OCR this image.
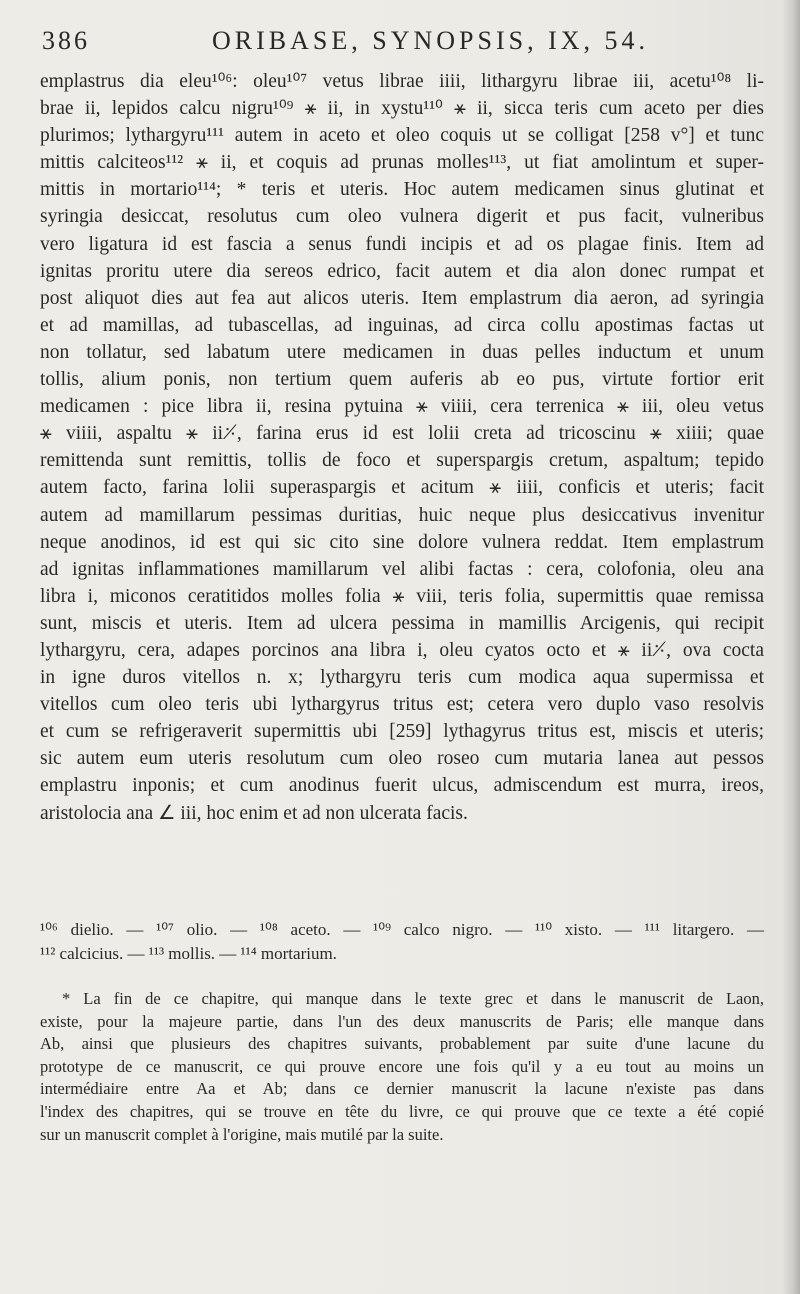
386	ORIBASE, SYNOPSIS, IX, 54.
emplastrus dia eleu¹⁰⁶: oleu¹⁰⁷ vetus librae iiii, lithargyru librae iii, acetu¹⁰⁸ li-
brae ii, lepidos calcu nigru¹⁰⁹ ⚹ ii, in xystu¹¹⁰ ⚹ ii, sicca teris cum aceto per dies
plurimos; lythargyru¹¹¹ autem in aceto et oleo coquis ut se colligat [258 v°] et tunc
mittis calciteos¹¹² ⚹ ii, et coquis ad prunas molles¹¹³, ut fiat amolintum et super-
mittis in mortario¹¹⁴; * teris et uteris. Hoc autem medicamen sinus glutinat et
syringia desiccat, resolutus cum oleo vulnera digerit et pus facit, vulneribus
vero ligatura id est fascia a senus fundi incipis et ad os plagae finis. Item ad
ignitas proritu utere dia sereos edrico, facit autem et dia alon donec rumpat et
post aliquot dies aut fea aut alicos uteris. Item emplastrum dia aeron, ad syringia
et ad mamillas, ad tubascellas, ad inguinas, ad circa collu apostimas factas ut
non tollatur, sed labatum utere medicamen in duas pelles inductum et unum
tollis, alium ponis, non tertium quem auferis ab eo pus, virtute fortior erit
medicamen : pice libra ii, resina pytuina ⚹ viiii, cera terrenica ⚹ iii, oleu vetus
⚹ viiii, aspaltu ⚹ ii⸓, farina erus id est lolii creta ad tricoscinu ⚹ xiiii; quae
remittenda sunt remittis, tollis de foco et superspargis cretum, aspaltum; tepido
autem facto, farina lolii superaspargis et acitum ⚹ iiii, conficis et uteris; facit
autem ad mamillarum pessimas duritias, huic neque plus desiccativus invenitur
neque anodinos, id est qui sic cito sine dolore vulnera reddat. Item emplastrum
ad ignitas inflammationes mamillarum vel alibi factas : cera, colofonia, oleu ana
libra i, miconos ceratitidos molles folia ⚹ viii, teris folia, supermittis quae remissa
sunt, miscis et uteris. Item ad ulcera pessima in mamillis Arcigenis, qui recipit
lythargyru, cera, adapes porcinos ana libra i, oleu cyatos octo et ⚹ ii⸓, ova cocta
in igne duros vitellos n. x; lythargyru teris cum modica aqua supermissa et
vitellos cum oleo teris ubi lythargyrus tritus est; cetera vero duplo vaso resolvis
et cum se refrigeraverit supermittis ubi [259] lythagyrus tritus est, miscis et uteris;
sic autem eum uteris resolutum cum oleo roseo cum mutaria lanea aut pessos
emplastru inponis; et cum anodinus fuerit ulcus, admiscendum est murra, ireos,
aristolocia ana ∠ iii, hoc enim et ad non ulcerata facis.
¹⁰⁶ dielio. — ¹⁰⁷ olio. — ¹⁰⁸ aceto. — ¹⁰⁹ calco nigro. — ¹¹⁰ xisto. — ¹¹¹ litargero. —
¹¹² calcicius. — ¹¹³ mollis. — ¹¹⁴ mortarium.
* La fin de ce chapitre, qui manque dans le texte grec et dans le manuscrit de Laon,
existe, pour la majeure partie, dans l'un des deux manuscrits de Paris; elle manque dans
Ab, ainsi que plusieurs des chapitres suivants, probablement par suite d'une lacune du
prototype de ce manuscrit, ce qui prouve encore une fois qu'il y a eu tout au moins un
intermédiaire entre Aa et Ab; dans ce dernier manuscrit la lacune n'existe pas dans
l'index des chapitres, qui se trouve en tête du livre, ce qui prouve que ce texte a été copié
sur un manuscrit complet à l'origine, mais mutilé par la suite.
